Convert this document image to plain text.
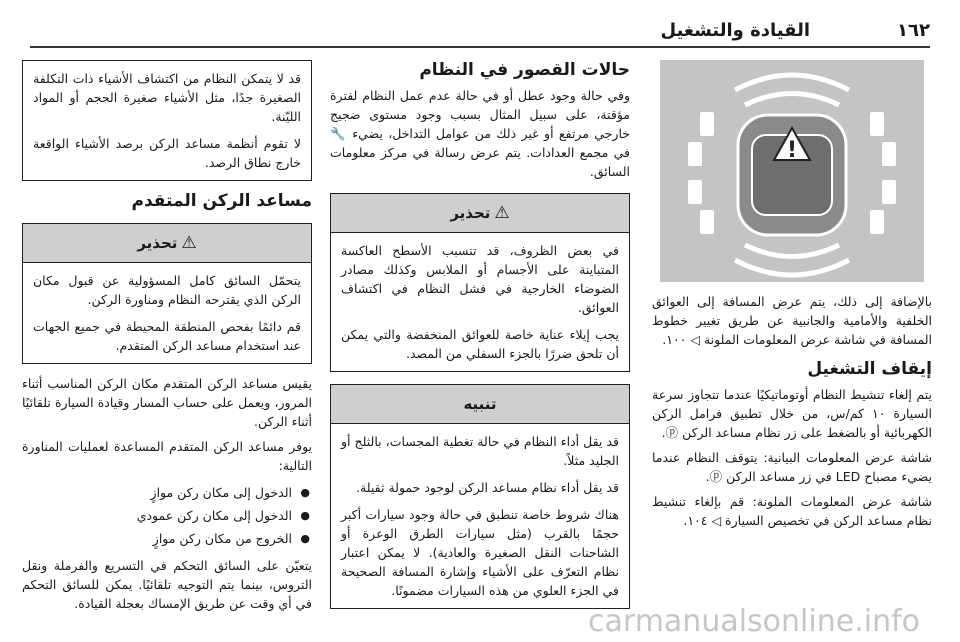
١٦٢
القيادة والتشغيل
!

بالإضافة إلى ذلك، يتم عرض المسافة إلى العوائق الخلفية والأمامية والجانبية عن طريق تغيير خطوط المسافة في شاشة عرض المعلومات الملونة ◁ ١٠٠.

إيقاف التشغيل

يتم إلغاء تنشيط النظام أوتوماتيكيًا عندما تتجاوز سرعة السيارة ١٠ كم/س، من خلال تطبيق فرامل الركن الكهربائية أو بالضغط على زر نظام مساعد الركن ⓟ.

شاشة عرض المعلومات البيانية: يتوقف النظام عندما يضيء مصباح LED في زر مساعد الركن ⓟ.

شاشة عرض المعلومات الملونة: قم بإلغاء تنشيط نظام مساعد الركن في تخصيص السيارة ◁ ١٠٤.

حالات القصور في النظام

وفي حالة وجود عطل أو في حالة عدم عمل النظام لفترة مؤقتة، على سبيل المثال بسبب وجود مستوى ضجيج خارجي مرتفع أو غير ذلك من عوامل التداخل، يضيء 🔧 في مجمع العدادات. يتم عرض رسالة في مركز معلومات السائق.

⚠تحذير

في بعض الظروف، قد تتسبب الأسطح العاكسة المتباينة على الأجسام أو الملابس وكذلك مصادر الضوضاء الخارجية في فشل النظام في اكتشاف العوائق.

يجب إيلاء عناية خاصة للعوائق المنخفضة والتي يمكن أن تلحق ضررًا بالجزء السفلي من المصد.

تنبيه

قد يقل أداء النظام في حالة تغطية المجسات، بالثلج أو الجليد مثلاً.

قد يقل أداء نظام مساعد الركن لوجود حمولة ثقيلة.

هناك شروط خاصة تنطبق في حالة وجود سيارات أكبر حجمًا بالقرب (مثل سيارات الطرق الوعرة أو الشاحنات النقل الصغيرة والعادية). لا يمكن اعتبار نظام التعرّف على الأشياء وإشارة المسافة الصحيحة في الجزء العلوي من هذه السيارات مضمونًا.

قد لا يتمكن النظام من اكتشاف الأشياء ذات التكلفة الصغيرة جدًا، مثل الأشياء صغيرة الحجم أو المواد الليّنة.

لا تقوم أنظمة مساعد الركن برصد الأشياء الواقعة خارج نطاق الرصد.

مساعد الركن المتقدم
⚠تحذير

يتحمّل السائق كامل المسؤولية عن قبول مكان الركن الذي يقترحه النظام ومناورة الركن.

قم دائمًا بفحص المنطقة المحيطة في جميع الجهات عند استخدام مساعد الركن المتقدم.

يقيس مساعد الركن المتقدم مكان الركن المناسب أثناء المرور، ويعمل على حساب المسار وقيادة السيارة تلقائيًا أثناء الركن.

يوفر مساعد الركن المتقدم المساعدة لعمليات المناورة التالية:

● الدخول إلى مكان ركن موازٍ
● الدخول إلى مكان ركن عمودي
● الخروج من مكان ركن موازٍ

يتعيّن على السائق التحكم في التسريع والفرملة ونقل التروس، بينما يتم التوجيه تلقائيًا. يمكن للسائق التحكم في أي وقت عن طريق الإمساك بعجلة القيادة.

carmanualsonline.info
